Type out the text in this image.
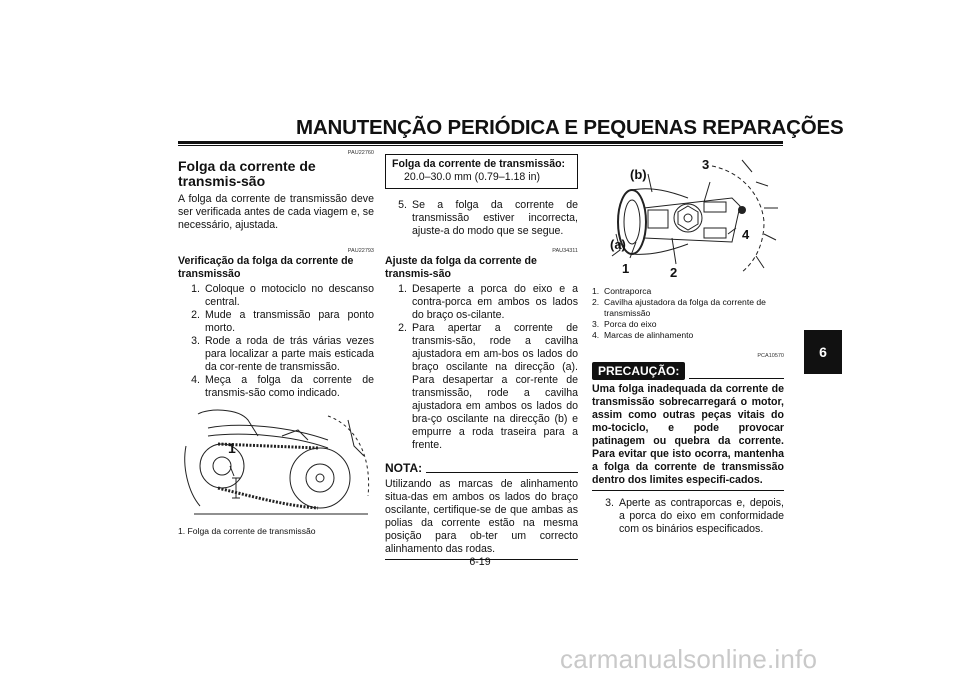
MANUTENÇÃO PERIÓDICA E PEQUENAS REPARAÇÕES
6
PAU22760
Folga da corrente de transmis-são

A folga da corrente de transmissão deve ser verificada antes de cada viagem e, se necessário, ajustada.

PAU22793
Verificação da folga da corrente de transmissão
1. Coloque o motociclo no descanso central.
2. Mude a transmissão para ponto morto.
3. Rode a roda de trás várias vezes para localizar a parte mais esticada da cor-rente de transmissão.
4. Meça a folga da corrente de transmis-são como indicado.
1
1. Folga da corrente de transmissão
Folga da corrente de transmissão:
20.0–30.0 mm (0.79–1.18 in)
5. Se a folga da corrente de transmissão estiver incorrecta, ajuste-a do modo que se segue.
PAU34311
Ajuste da folga da corrente de transmis-são
1. Desaperte a porca do eixo e a contra-porca em ambos os lados do braço os-cilante.
2. Para apertar a corrente de transmis-são, rode a cavilha ajustadora em am-bos os lados do braço oscilante na direcção (a). Para desapertar a cor-rente de transmissão, rode a cavilha ajustadora em ambos os lados do bra-ço oscilante na direcção (b) e empurre a roda traseira para a frente.
NOTA:

Utilizando as marcas de alinhamento situa-das em ambos os lados do braço oscilante, certifique-se de que ambas as polias da corrente estão na mesma posição para ob-ter um correcto alinhamento das rodas.

(b)
3
4
(a)
1	2
1. Contraporca
2. Cavilha ajustadora da folga da corrente de transmissão
3. Porca do eixo
4. Marcas de alinhamento
PCA10570
PRECAUÇÃO:

Uma folga inadequada da corrente de transmissão sobrecarregará o motor, assim como outras peças vitais do mo-tociclo, e pode provocar patinagem ou quebra da corrente. Para evitar que isto ocorra, mantenha a folga da corrente de transmissão dentro dos limites especifi-cados.

3. Aperte as contraporcas e, depois, a porca do eixo em conformidade com os binários especificados.
6-19
carmanualsonline.info
